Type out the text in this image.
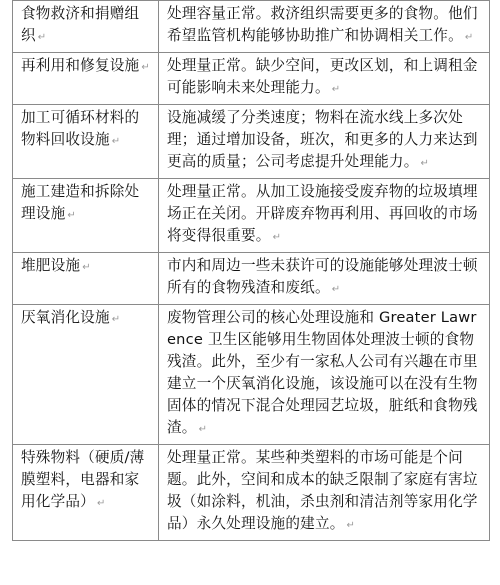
食物救济和捐赠组织 ↵	处理容量正常。救济组织需要更多的食物。他们希望监管机构能够协助推广和协调相关工作。 ↵
再利用和修复设施 ↵	处理量正常。缺少空间，更改区划，和上调租金可能影响未来处理能力。 ↵
加工可循环材料的物料回收设施 ↵	设施减缓了分类速度；物料在流水线上多次处理；通过增加设备，班次，和更多的人力来达到更高的质量；公司考虑提升处理能力。 ↵
施工建造和拆除处理设施 ↵	处理量正常。从加工设施接受废弃物的垃圾填埋场正在关闭。开辟废弃物再利用、再回收的市场将变得很重要。 ↵
堆肥设施 ↵	市内和周边一些未获许可的设施能够处理波士顿所有的食物残渣和废纸。 ↵
厌氧消化设施 ↵	废物管理公司的核心处理设施和 Greater Lawrence 卫生区能够用生物固体处理波士顿的食物残渣。此外，至少有一家私人公司有兴趣在市里建立一个厌氧消化设施，该设施可以在没有生物固体的情况下混合处理园艺垃圾，脏纸和食物残渣。 ↵
特殊物料（硬质/薄膜塑料，电器和家用化学品） ↵	处理量正常。某些种类塑料的市场可能是个问题。此外，空间和成本的缺乏限制了家庭有害垃圾（如涂料，机油，杀虫剂和清洁剂等家用化学品）永久处理设施的建立。 ↵
